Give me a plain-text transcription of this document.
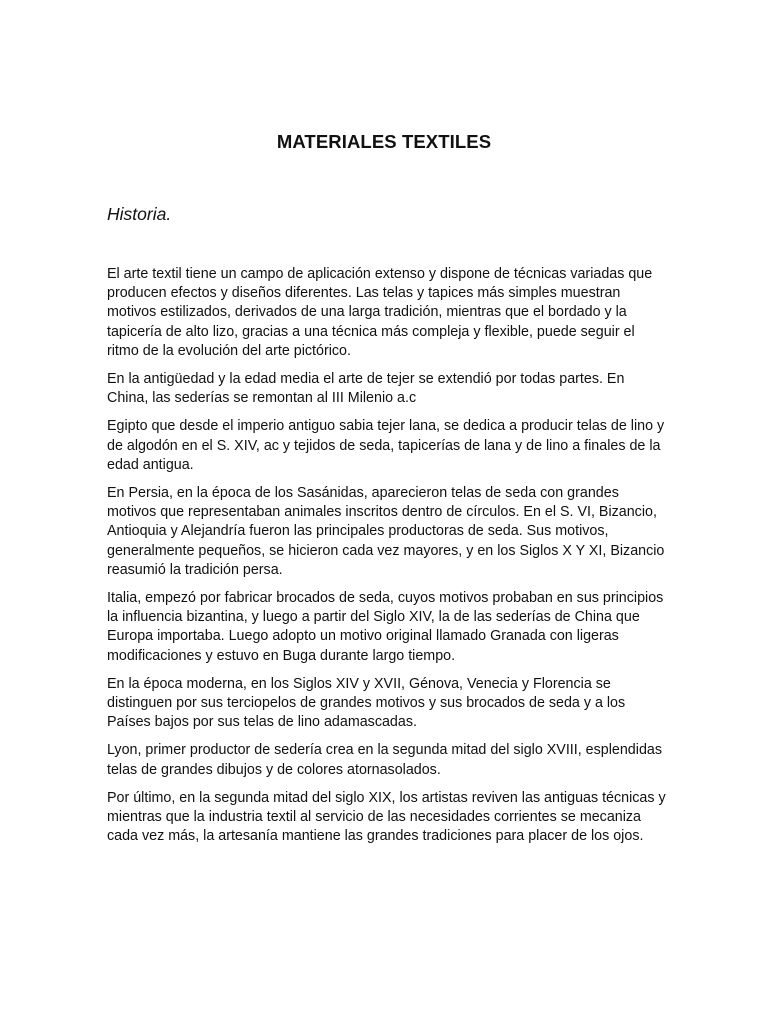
MATERIALES TEXTILES
Historia.

El arte textil tiene un campo de aplicación extenso y dispone de técnicas variadas que producen efectos y diseños diferentes. Las telas y tapices más simples muestran motivos estilizados, derivados de una larga tradición, mientras que el bordado y la tapicería de alto lizo, gracias a una técnica más compleja y flexible, puede seguir el ritmo de la evolución del arte pictórico.

En la antigüedad y la edad media el arte de tejer se extendió por todas partes. En China, las sederías se remontan al III Milenio a.c

Egipto que desde el imperio antiguo sabia tejer lana, se dedica a producir telas de lino y de algodón en el S. XIV, ac y tejidos de seda, tapicerías de lana y de lino a finales de la edad antigua.

En Persia, en la época de los Sasánidas, aparecieron telas de seda con grandes motivos que representaban animales inscritos dentro de círculos. En el S. VI, Bizancio, Antioquia y Alejandría fueron las principales productoras de seda. Sus motivos, generalmente pequeños, se hicieron cada vez mayores, y en los Siglos X Y XI, Bizancio reasumió la tradición persa.

Italia, empezó por fabricar brocados de seda, cuyos motivos probaban en sus principios la influencia bizantina, y luego a partir del Siglo XIV, la de las sederías de China que Europa importaba. Luego adopto un motivo original llamado Granada con ligeras modificaciones y estuvo en Buga durante largo tiempo.

En la época moderna, en los Siglos XIV y XVII, Génova, Venecia y Florencia se distinguen por sus terciopelos de grandes motivos y sus brocados de seda y a los Países bajos por sus telas de lino adamascadas.

Lyon, primer productor de sedería crea en la segunda mitad del siglo XVIII, esplendidas telas de grandes dibujos y de colores atornasolados.

Por último, en la segunda mitad del siglo XIX, los artistas reviven las antiguas técnicas y mientras que la industria textil al servicio de las necesidades corrientes se mecaniza cada vez más, la artesanía mantiene las grandes tradiciones para placer de los ojos.
